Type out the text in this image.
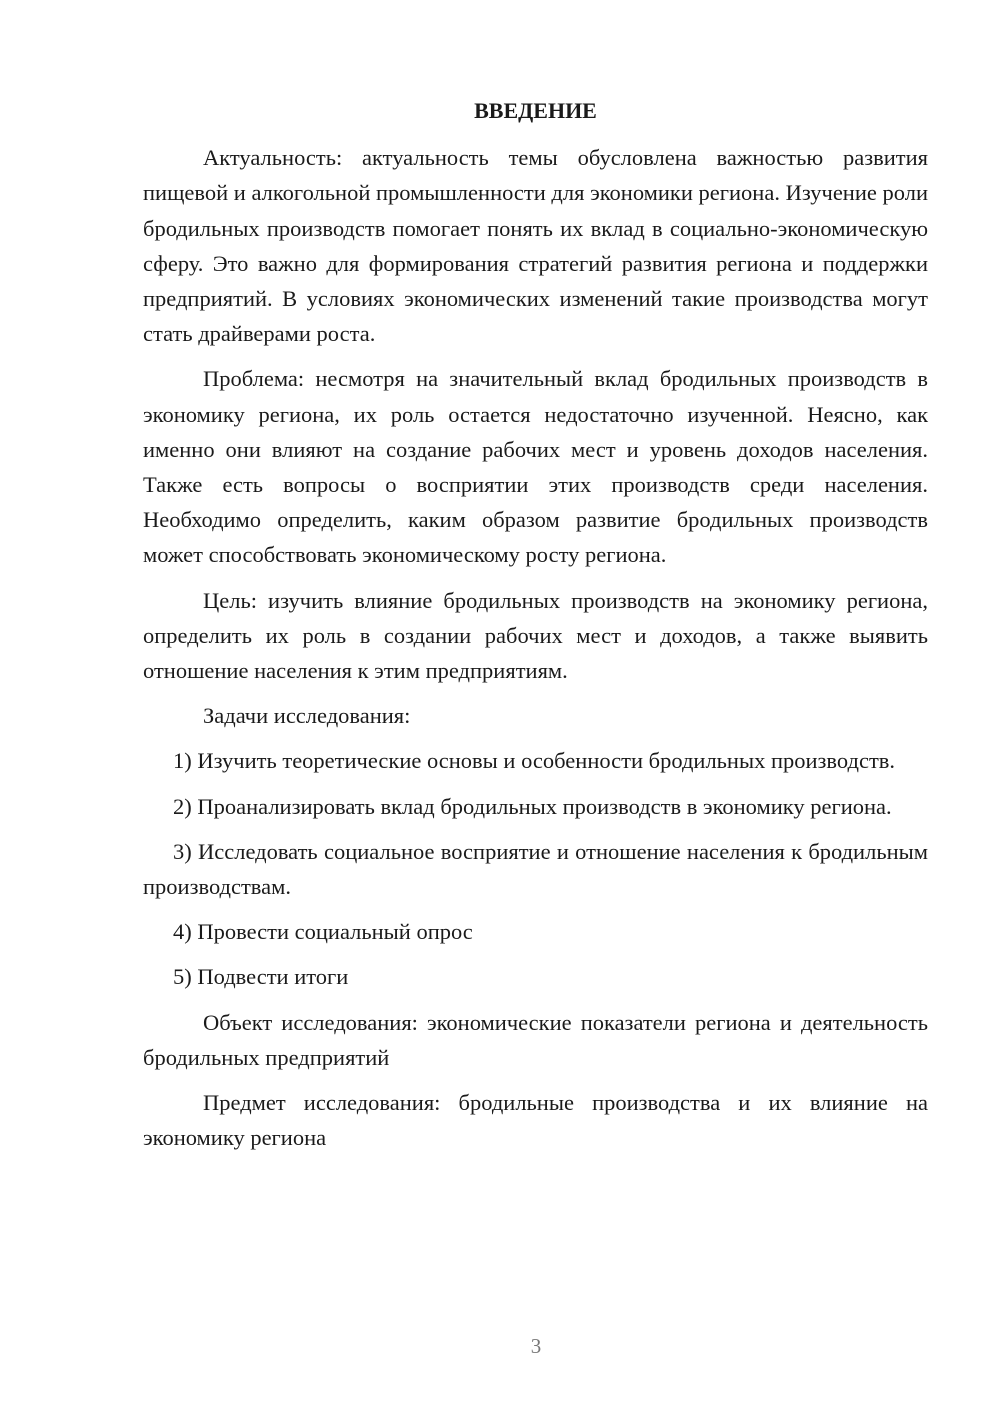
ВВЕДЕНИЕ

Актуальность: актуальность темы обусловлена важностью развития пищевой и алкогольной промышленности для экономики региона. Изучение роли бродильных производств помогает понять их вклад в социально-экономическую сферу. Это важно для формирования стратегий развития региона и поддержки предприятий. В условиях экономических изменений такие производства могут стать драйверами роста.

Проблема: несмотря на значительный вклад бродильных производств в экономику региона, их роль остается недостаточно изученной. Неясно, как именно они влияют на создание рабочих мест и уровень доходов населения. Также есть вопросы о восприятии этих производств среди населения. Необходимо определить, каким образом развитие бродильных производств может способствовать экономическому росту региона.

Цель: изучить влияние бродильных производств на экономику региона, определить их роль в создании рабочих мест и доходов, а также выявить отношение населения к этим предприятиям.

Задачи исследования:

1) Изучить теоретические основы и особенности бродильных производств.

2) Проанализировать вклад бродильных производств в экономику региона.

3) Исследовать социальное восприятие и отношение населения к бродильным производствам.

4) Провести социальный опрос

5) Подвести итоги

Объект исследования: экономические показатели региона и деятельность бродильных предприятий

Предмет исследования: бродильные производства и их влияние на экономику региона

3
